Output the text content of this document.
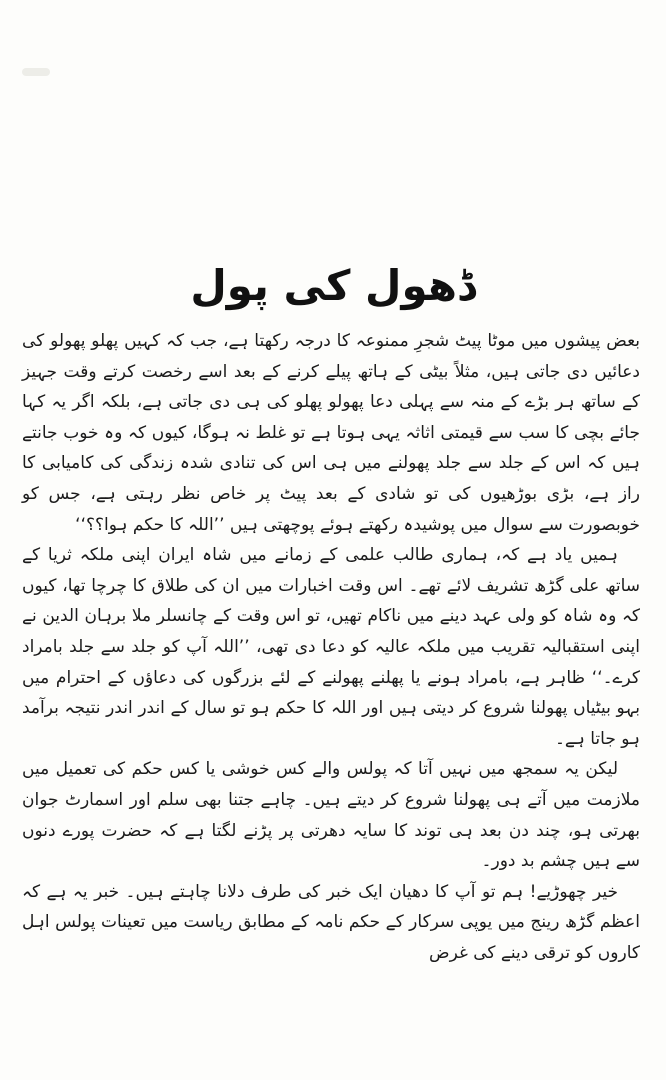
ڈھول کی پول

بعض پیشوں میں موٹا پیٹ شجرِ ممنوعہ کا درجہ رکھتا ہے، جب کہ کہیں پھلو پھولو کی دعائیں دی جاتی ہیں، مثلاً بیٹی کے ہاتھ پیلے کرنے کے بعد اسے رخصت کرتے وقت جہیز کے ساتھ ہر بڑے کے منہ سے پہلی دعا پھولو پھلو کی ہی دی جاتی ہے، بلکہ اگر یہ کہا جائے بچی کا سب سے قیمتی اثاثہ یہی ہوتا ہے تو غلط نہ ہوگا، کیوں کہ وہ خوب جانتے ہیں کہ اس کے جلد سے جلد پھولنے میں ہی اس کی تنادی شدہ زندگی کی کامیابی کا راز ہے، بڑی بوڑھیوں کی تو شادی کے بعد پیٹ پر خاص نظر رہتی ہے، جس کو خوبصورت سے سوال میں پوشیدہ رکھتے ہوئے پوچھتی ہیں ’’اللہ کا حکم ہوا؟؟‘‘

ہمیں یاد ہے کہ، ہماری طالب علمی کے زمانے میں شاہ ایران اپنی ملکہ ثریا کے ساتھ علی گڑھ تشریف لائے تھے۔ اس وقت اخبارات میں ان کی طلاق کا چرچا تھا، کیوں کہ وہ شاہ کو ولی عہد دینے میں ناکام تھیں، تو اس وقت کے چانسلر ملا برہان الدین نے اپنی استقبالیہ تقریب میں ملکہ عالیہ کو دعا دی تھی، ’’اللہ آپ کو جلد سے جلد بامراد کرے۔‘‘ ظاہر ہے، بامراد ہونے یا پھلنے پھولنے کے لئے بزرگوں کی دعاؤں کے احترام میں بہو بیٹیاں پھولنا شروع کر دیتی ہیں اور اللہ کا حکم ہو تو سال کے اندر اندر نتیجہ برآمد ہو جاتا ہے۔

لیکن یہ سمجھ میں نہیں آتا کہ پولس والے کس خوشی یا کس حکم کی تعمیل میں ملازمت میں آتے ہی پھولنا شروع کر دیتے ہیں۔ چاہے جتنا بھی سلم اور اسمارٹ جوان بھرتی ہو، چند دن بعد ہی توند کا سایہ دھرتی پر پڑنے لگتا ہے کہ حضرت پورے دنوں سے ہیں چشم بد دور۔

خیر چھوڑیے! ہم تو آپ کا دھیان ایک خبر کی طرف دلانا چاہتے ہیں۔ خبر یہ ہے کہ اعظم گڑھ رینج میں یوپی سرکار کے حکم نامہ کے مطابق ریاست میں تعینات پولس اہل کاروں کو ترقی دینے کی غرض
